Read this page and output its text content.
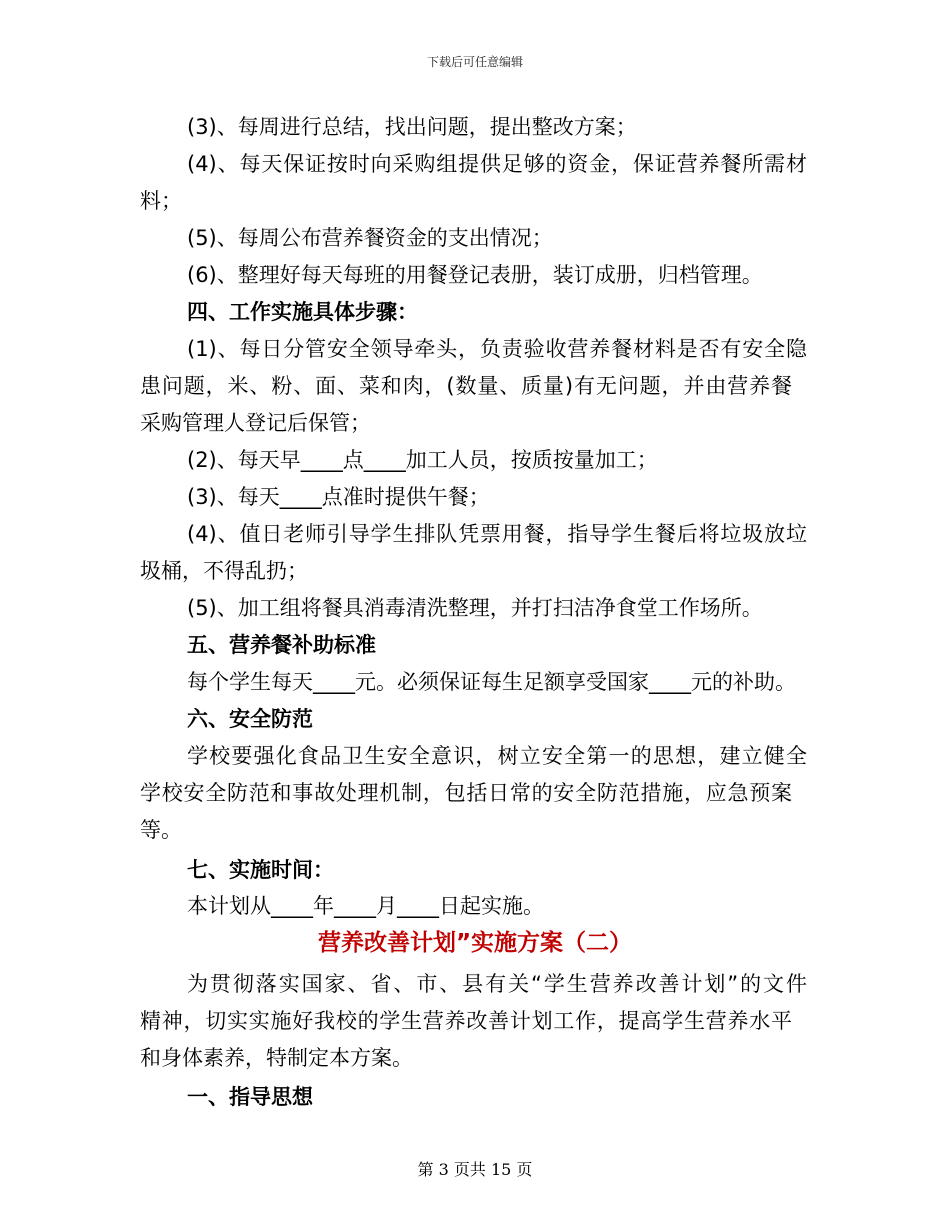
下载后可任意编辑
(3)、每周进行总结，找出问题，提出整改方案；
(4)、每天保证按时向采购组提供足够的资金，保证营养餐所需材
料；
(5)、每周公布营养餐资金的支出情况；
(6)、整理好每天每班的用餐登记表册，装订成册，归档管理。
四、工作实施具体步骤：
(1)、每日分管安全领导牵头，负责验收营养餐材料是否有安全隐
患问题，米、粉、面、菜和肉，(数量、质量)有无问题，并由营养餐
采购管理人登记后保管；
(2)、每天早____点____加工人员，按质按量加工；
(3)、每天____点准时提供午餐；
(4)、值日老师引导学生排队凭票用餐，指导学生餐后将垃圾放垃
圾桶，不得乱扔；
(5)、加工组将餐具消毒清洗整理，并打扫洁净食堂工作场所。
五、营养餐补助标准
每个学生每天____元。必须保证每生足额享受国家____元的补助。
六、安全防范
学校要强化食品卫生安全意识，树立安全第一的思想，建立健全
学校安全防范和事故处理机制，包括日常的安全防范措施，应急预案
等。
七、实施时间：
本计划从____年____月____日起实施。
营养改善计划”实施方案（二）
为贯彻落实国家、省、市、县有关“学生营养改善计划”的文件
精神，切实实施好我校的学生营养改善计划工作，提高学生营养水平
和身体素养，特制定本方案。
一、指导思想
第 3 页共 15 页
